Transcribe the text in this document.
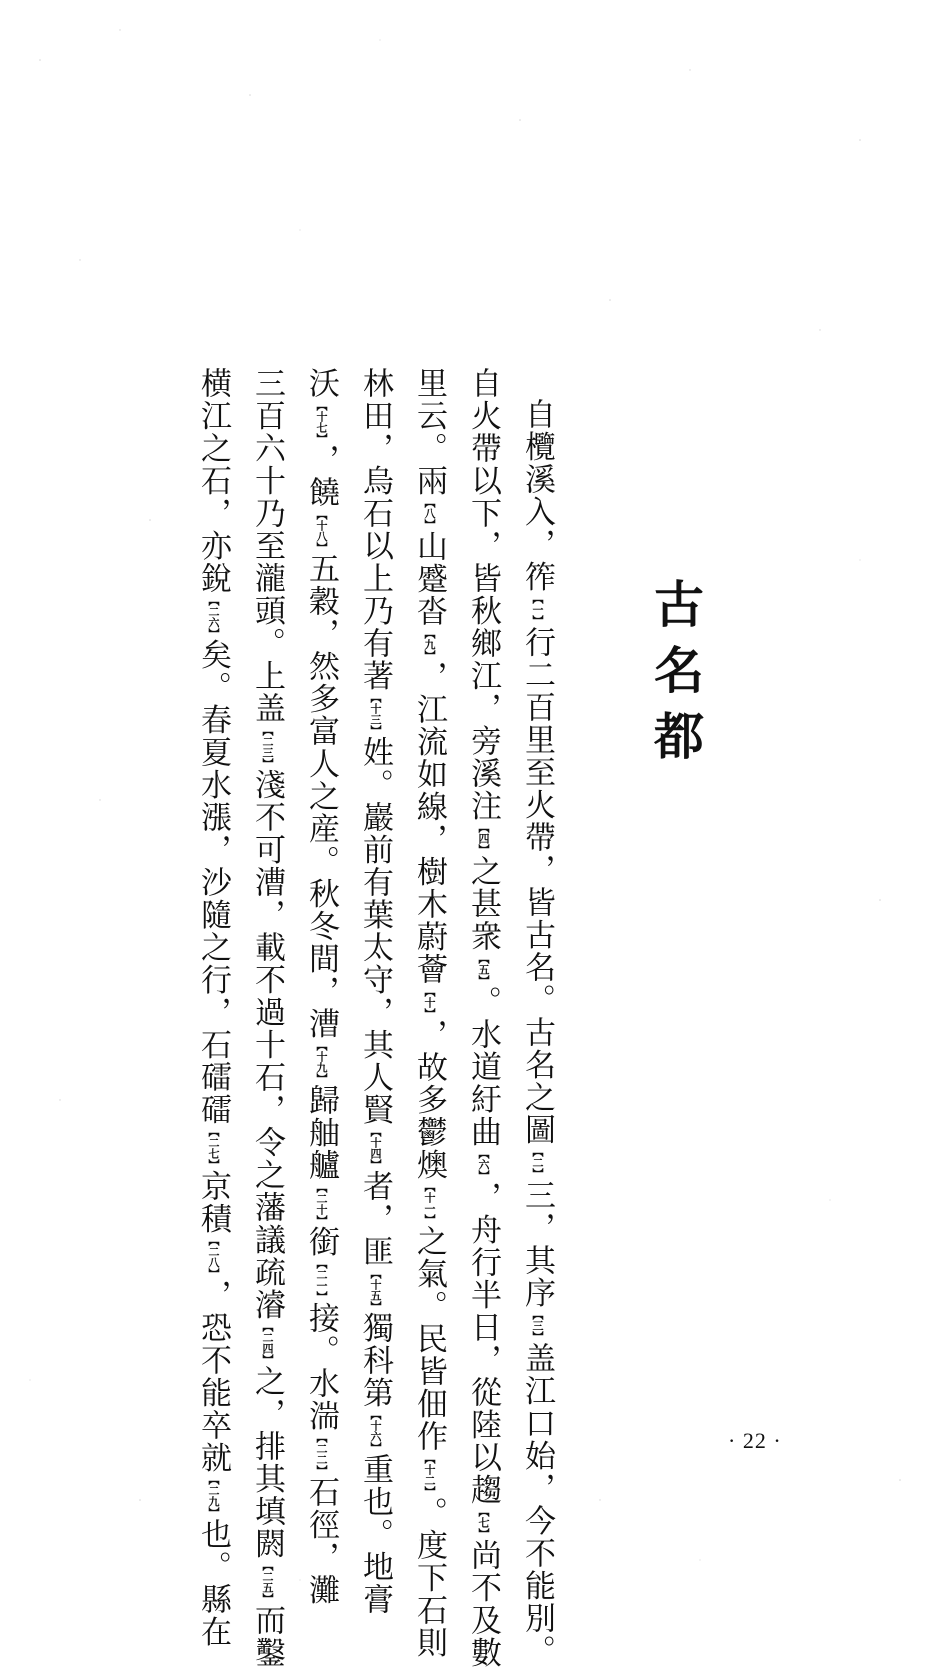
古名都
自欖溪入，筰【一】行二百里至火帶，皆古名。古名之圖【二】三，其序【三】盖江口始，今不能別。
自火帶以下，皆秋鄉江，旁溪注【四】之甚衆【五】。水道紆曲【六】，舟行半日，從陸以趨【七】尚不及數
里云。兩【八】山蹙沓【九】，江流如線，樹木蔚薈【十】，故多鬱燠【十一】之氣。民皆佃作【十二】。度下石則
林田，烏石以上乃有著【十三】姓。巖前有葉太守，其人賢【十四】者，匪【十五】獨科第【十六】重也。地膏
沃【十七】，饒【十八】五穀，然多富人之産。秋冬間，漕【十九】歸舳艫【二十】銜【二一】接。水湍【二二】石徑，灘
三百六十乃至瀧頭。上盖【二三】淺不可漕，載不過十石，令之藩議疏濬【二四】之，排其填閼【二五】而鑿
横江之石，亦銳【二六】矣。春夏水漲，沙隨之行，石礌礌【二七】京積【二八】，恐不能卒就【二九】也。縣在
· 22 ·
